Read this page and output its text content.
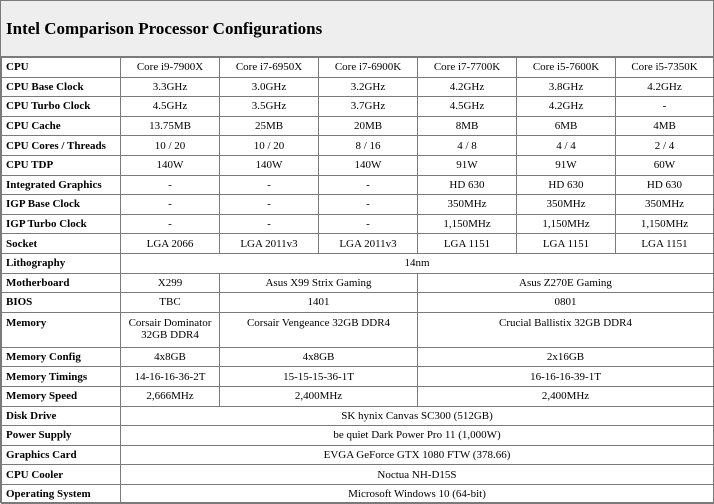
Intel Comparison Processor Configurations
CPU	Core i9-7900X	Core i7-6950X	Core i7-6900K	Core i7-7700K	Core i5-7600K	Core i5-7350K
CPU Base Clock	3.3GHz	3.0GHz	3.2GHz	4.2GHz	3.8GHz	4.2GHz
CPU Turbo Clock	4.5GHz	3.5GHz	3.7GHz	4.5GHz	4.2GHz	-
CPU Cache	13.75MB	25MB	20MB	8MB	6MB	4MB
CPU Cores / Threads	10 / 20	10 / 20	8 / 16	4 / 8	4 / 4	2 / 4
CPU TDP	140W	140W	140W	91W	91W	60W
Integrated Graphics	-	-	-	HD 630	HD 630	HD 630
IGP Base Clock	-	-	-	350MHz	350MHz	350MHz
IGP Turbo Clock	-	-	-	1,150MHz	1,150MHz	1,150MHz
Socket	LGA 2066	LGA 2011v3	LGA 2011v3	LGA 1151	LGA 1151	LGA 1151
Lithography	14nm					
Motherboard	X299	Asus X99 Strix Gaming		Asus Z270E Gaming		
BIOS	TBC	1401		0801		
Memory	Corsair Dominator 32GB DDR4	Corsair Vengeance 32GB DDR4		Crucial Ballistix 32GB DDR4		
Memory Config	4x8GB	4x8GB		2x16GB		
Memory Timings	14-16-16-36-2T	15-15-15-36-1T		16-16-16-39-1T		
Memory Speed	2,666MHz	2,400MHz		2,400MHz		
Disk Drive	SK hynix Canvas SC300 (512GB)					
Power Supply	be quiet Dark Power Pro 11 (1,000W)					
Graphics Card	EVGA GeForce GTX 1080 FTW (378.66)					
CPU Cooler	Noctua NH-D15S					
Operating System	Microsoft Windows 10 (64-bit)					
